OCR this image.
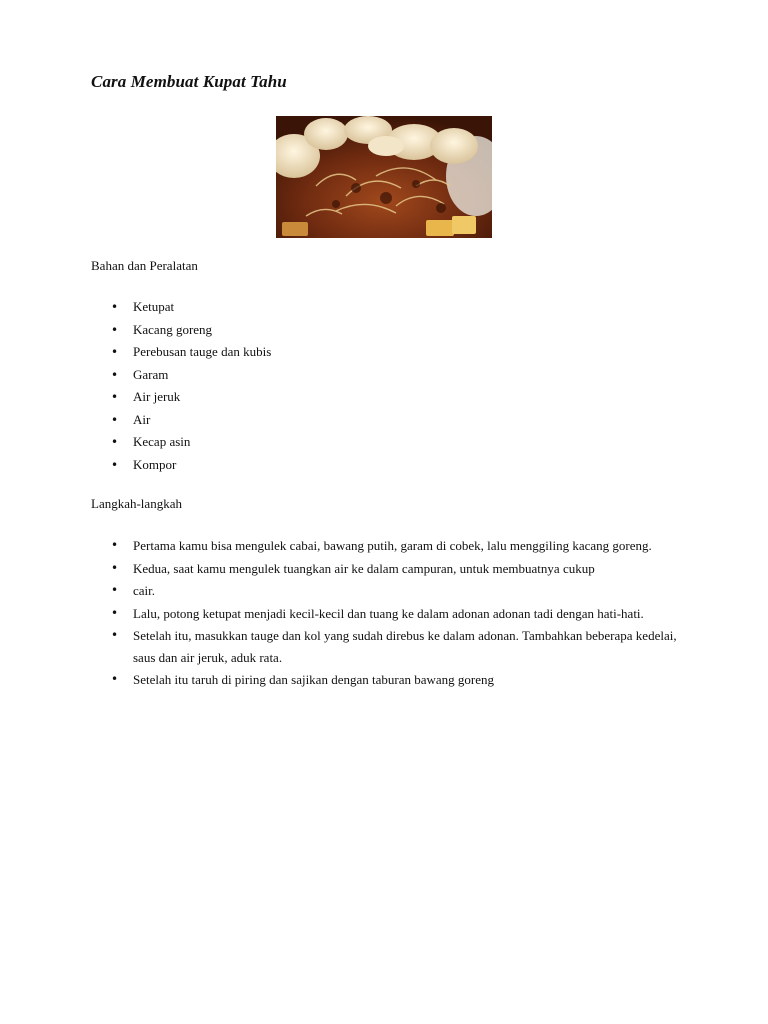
Cara Membuat Kupat Tahu

Bahan dan Peralatan

• Ketupat
• Kacang goreng
• Perebusan tauge dan kubis
• Garam
• Air jeruk
• Air
• Kecap asin
• Kompor

Langkah-langkah

• Pertama kamu bisa mengulek cabai, bawang putih, garam di cobek, lalu menggiling kacang goreng.
• Kedua, saat kamu mengulek tuangkan air ke dalam campuran, untuk membuatnya cukup
• cair.
• Lalu, potong ketupat menjadi kecil-kecil dan tuang ke dalam adonan adonan tadi dengan hati-hati.
• Setelah itu, masukkan tauge dan kol yang sudah direbus ke dalam adonan. Tambahkan beberapa kedelai, saus dan air jeruk, aduk rata.
• Setelah itu taruh di piring dan sajikan dengan taburan bawang goreng
